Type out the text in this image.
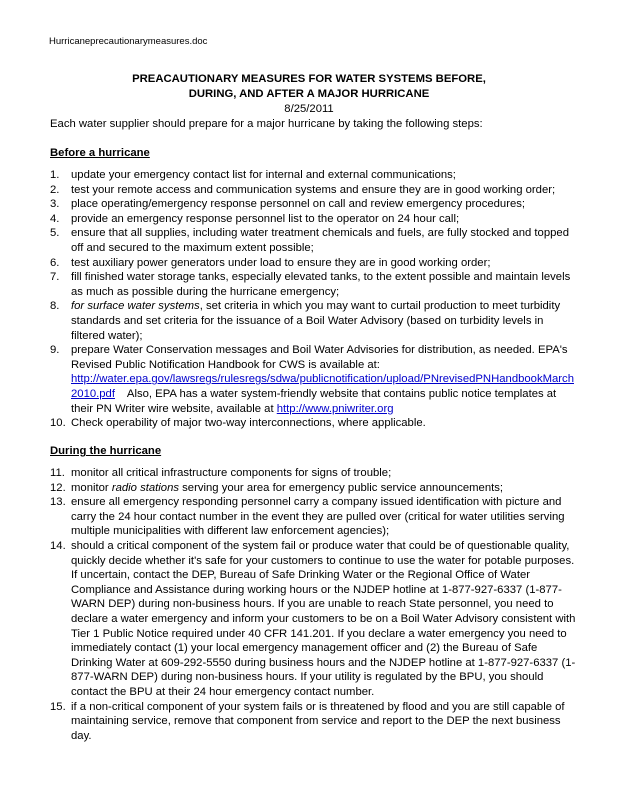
Hurricaneprecautionarymeasures.doc
PREACAUTIONARY MEASURES FOR WATER SYSTEMS BEFORE,
DURING, AND AFTER A MAJOR HURRICANE
8/25/2011
Each water supplier should prepare for a major hurricane by taking the following steps:
Before a hurricane
1. update your emergency contact list for internal and external communications;
2. test your remote access and communication systems and ensure they are in good working order;
3. place operating/emergency response personnel on call and review emergency procedures;
4. provide an emergency response personnel list to the operator on 24 hour call;
5. ensure that all supplies, including water treatment chemicals and fuels, are fully stocked and topped off and secured to the maximum extent possible;
6. test auxiliary power generators under load to ensure they are in good working order;
7. fill finished water storage tanks, especially elevated tanks, to the extent possible and maintain levels as much as possible during the hurricane emergency;
8. for surface water systems, set criteria in which you may want to curtail production to meet turbidity standards and set criteria for the issuance of a Boil Water Advisory (based on turbidity levels in filtered water);
9. prepare Water Conservation messages and Boil Water Advisories for distribution, as needed. EPA's Revised Public Notification Handbook for CWS is available at:
http://water.epa.gov/lawsregs/rulesregs/sdwa/publicnotification/upload/PNrevisedPNHandbookMarch2010.pdf    Also, EPA has a water system-friendly website that contains public notice templates at their PN Writer wire website, available at http://www.pniwriter.org
10. Check operability of major two-way interconnections, where applicable.
During the hurricane
11. monitor all critical infrastructure components for signs of trouble;
12. monitor radio stations serving your area for emergency public service announcements;
13. ensure all emergency responding personnel carry a company issued identification with picture and carry the 24 hour contact number in the event they are pulled over (critical for water utilities serving multiple municipalities with different law enforcement agencies);
14. should a critical component of the system fail or produce water that could be of questionable quality, quickly decide whether it's safe for your customers to continue to use the water for potable purposes. If uncertain, contact the DEP, Bureau of Safe Drinking Water or the Regional Office of Water Compliance and Assistance during working hours or the NJDEP hotline at 1-877-927-6337 (1-877-WARN DEP) during non-business hours. If you are unable to reach State personnel, you need to declare a water emergency and inform your customers to be on a Boil Water Advisory consistent with Tier 1 Public Notice required under 40 CFR 141.201. If you declare a water emergency you need to immediately contact (1) your local emergency management officer and (2) the Bureau of Safe Drinking Water at 609-292-5550 during business hours and the NJDEP hotline at 1-877-927-6337 (1-877-WARN DEP) during non-business hours. If your utility is regulated by the BPU, you should contact the BPU at their 24 hour emergency contact number.
15. if a non-critical component of your system fails or is threatened by flood and you are still capable of maintaining service, remove that component from service and report to the DEP the next business day.
